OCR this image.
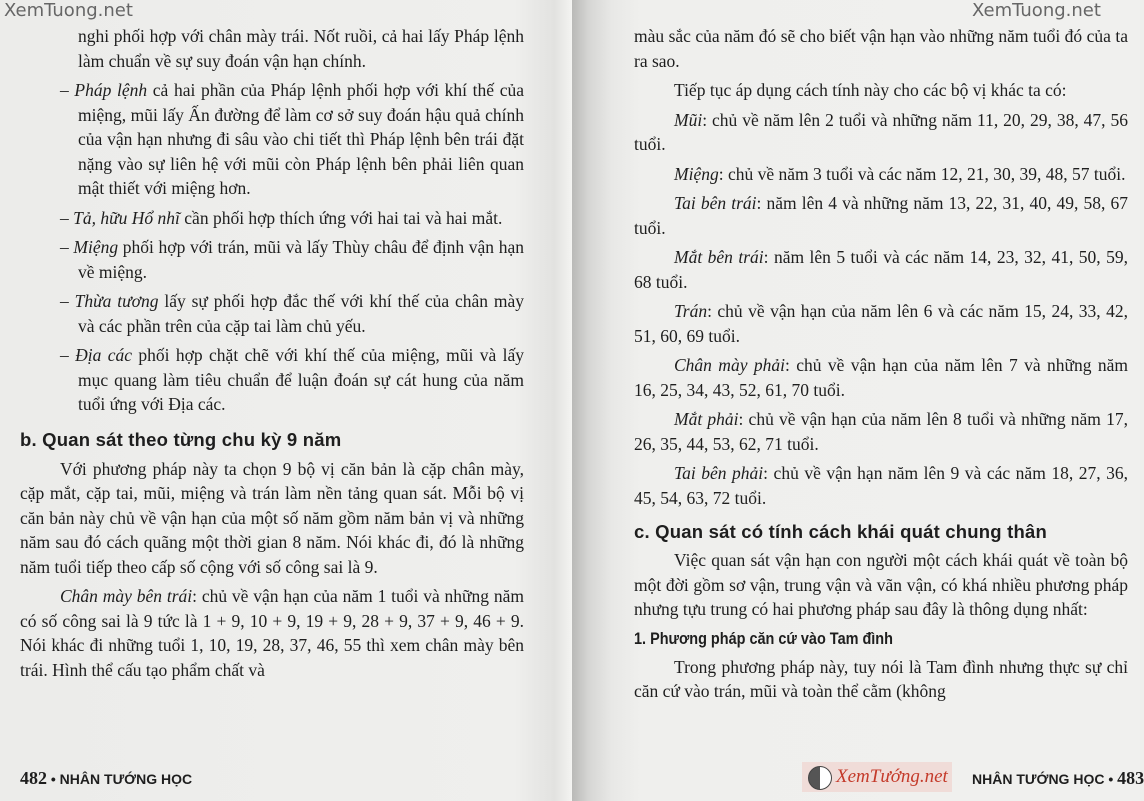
XemTuong.net

nghi phối hợp với chân mày trái. Nốt ruồi, cả hai lấy Pháp lệnh làm chuẩn về sự suy đoán vận hạn chính.

– Pháp lệnh cả hai phần của Pháp lệnh phối hợp với khí thế của miệng, mũi lấy Ấn đường để làm cơ sở suy đoán hậu quả chính của vận hạn nhưng đi sâu vào chi tiết thì Pháp lệnh bên trái đặt nặng vào sự liên hệ với mũi còn Pháp lệnh bên phải liên quan mật thiết với miệng hơn.

– Tả, hữu Hổ nhĩ cần phối hợp thích ứng với hai tai và hai mắt.

– Miệng phối hợp với trán, mũi và lấy Thùy châu để định vận hạn về miệng.

– Thừa tương lấy sự phối hợp đắc thế với khí thế của chân mày và các phần trên của cặp tai làm chủ yếu.

– Địa các phối hợp chặt chẽ với khí thế của miệng, mũi và lấy mục quang làm tiêu chuẩn để luận đoán sự cát hung của năm tuổi ứng với Địa các.

b. Quan sát theo từng chu kỳ 9 năm

Với phương pháp này ta chọn 9 bộ vị căn bản là cặp chân mày, cặp mắt, cặp tai, mũi, miệng và trán làm nền tảng quan sát. Mỗi bộ vị căn bản này chủ về vận hạn của một số năm gồm năm bản vị và những năm sau đó cách quãng một thời gian 8 năm. Nói khác đi, đó là những năm tuổi tiếp theo cấp số cộng với số công sai là 9.

Chân mày bên trái: chủ về vận hạn của năm 1 tuổi và những năm có số công sai là 9 tức là 1 + 9, 10 + 9, 19 + 9, 28 + 9, 37 + 9, 46 + 9. Nói khác đi những tuổi 1, 10, 19, 28, 37, 46, 55 thì xem chân mày bên trái. Hình thể cấu tạo phẩm chất và

482 • NHÂN TƯỚNG HỌC
XemTuong.net

màu sắc của năm đó sẽ cho biết vận hạn vào những năm tuổi đó của ta ra sao.

Tiếp tục áp dụng cách tính này cho các bộ vị khác ta có:

Mũi: chủ về năm lên 2 tuổi và những năm 11, 20, 29, 38, 47, 56 tuổi.

Miệng: chủ về năm 3 tuổi và các năm 12, 21, 30, 39, 48, 57 tuổi.

Tai bên trái: năm lên 4 và những năm 13, 22, 31, 40, 49, 58, 67 tuổi.

Mắt bên trái: năm lên 5 tuổi và các năm 14, 23, 32, 41, 50, 59, 68 tuổi.

Trán: chủ về vận hạn của năm lên 6 và các năm 15, 24, 33, 42, 51, 60, 69 tuổi.

Chân mày phải: chủ về vận hạn của năm lên 7 và những năm 16, 25, 34, 43, 52, 61, 70 tuổi.

Mắt phải: chủ về vận hạn của năm lên 8 tuổi và những năm 17, 26, 35, 44, 53, 62, 71 tuổi.

Tai bên phải: chủ về vận hạn năm lên 9 và các năm 18, 27, 36, 45, 54, 63, 72 tuổi.

c. Quan sát có tính cách khái quát chung thân

Việc quan sát vận hạn con người một cách khái quát về toàn bộ một đời gồm sơ vận, trung vận và vãn vận, có khá nhiều phương pháp nhưng tựu trung có hai phương pháp sau đây là thông dụng nhất:

1. Phương pháp căn cứ vào Tam đình

Trong phương pháp này, tuy nói là Tam đình nhưng thực sự chỉ căn cứ vào trán, mũi và toàn thể cằm (không

XemTướng.net NHÂN TƯỚNG HỌC • 483
